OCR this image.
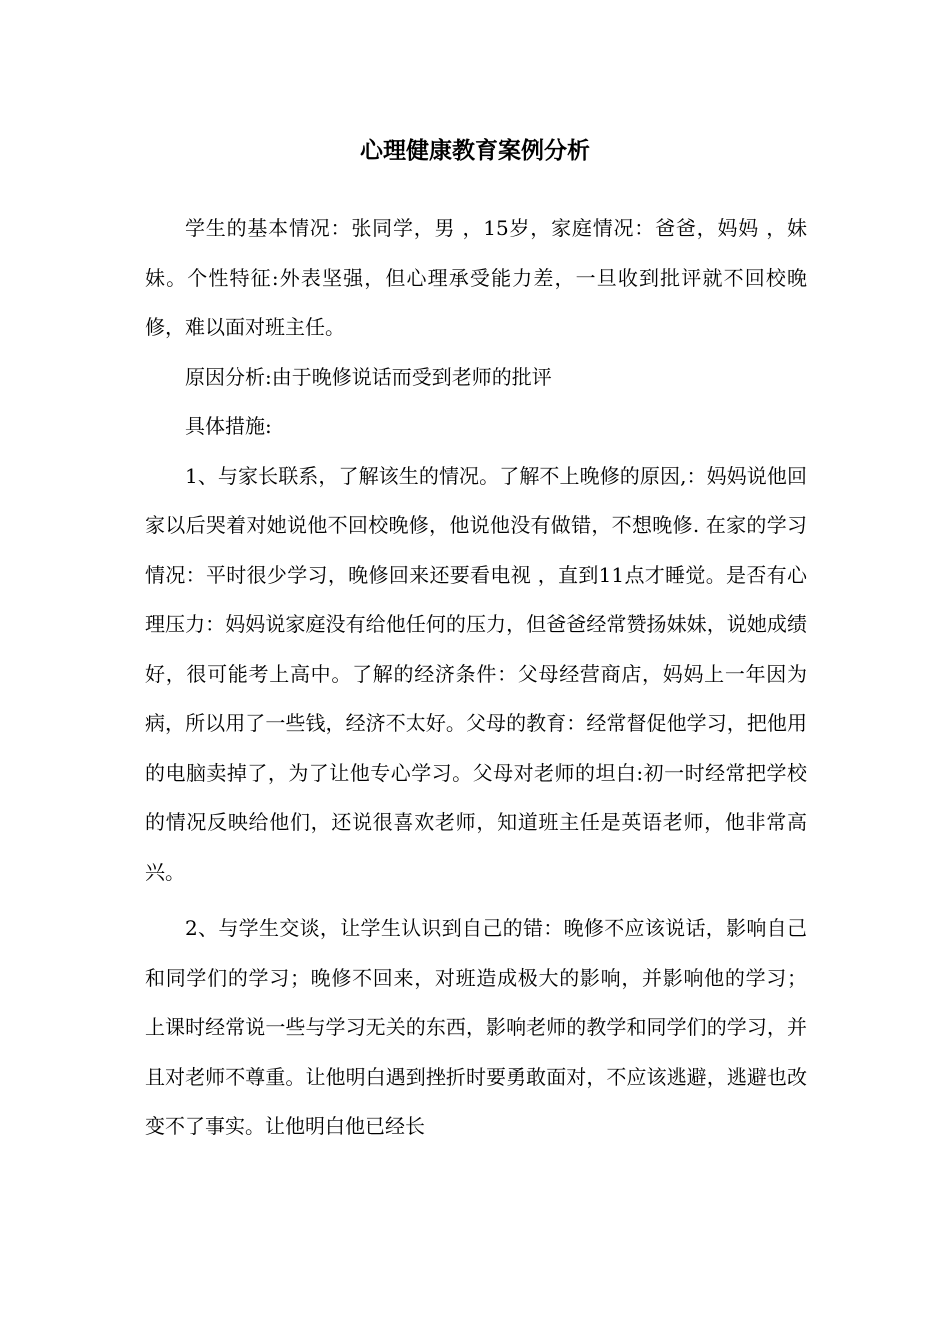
心理健康教育案例分析

学生的基本情况：张同学，男 ，15岁，家庭情况：爸爸，妈妈 ，妹妹。个性特征:外表坚强，但心理承受能力差，一旦收到批评就不回校晚修，难以面对班主任。

原因分析:由于晚修说话而受到老师的批评

具体措施:

1、与家长联系，了解该生的情况。了解不上晚修的原因,：妈妈说他回家以后哭着对她说他不回校晚修，他说他没有做错，不想晚修. 在家的学习情况：平时很少学习，晚修回来还要看电视 ，直到11点才睡觉。是否有心理压力：妈妈说家庭没有给他任何的压力，但爸爸经常赞扬妹妹，说她成绩好，很可能考上高中。了解的经济条件：父母经营商店，妈妈上一年因为病，所以用了一些钱，经济不太好。父母的教育：经常督促他学习，把他用的电脑卖掉了，为了让他专心学习。父母对老师的坦白:初一时经常把学校的情况反映给他们，还说很喜欢老师，知道班主任是英语老师，他非常高兴。

2、与学生交谈，让学生认识到自己的错：晚修不应该说话，影响自己和同学们的学习；晚修不回来，对班造成极大的影响，并影响他的学习； 上课时经常说一些与学习无关的东西，影响老师的教学和同学们的学习，并且对老师不尊重。让他明白遇到挫折时要勇敢面对，不应该逃避，逃避也改变不了事实。让他明白他已经长
